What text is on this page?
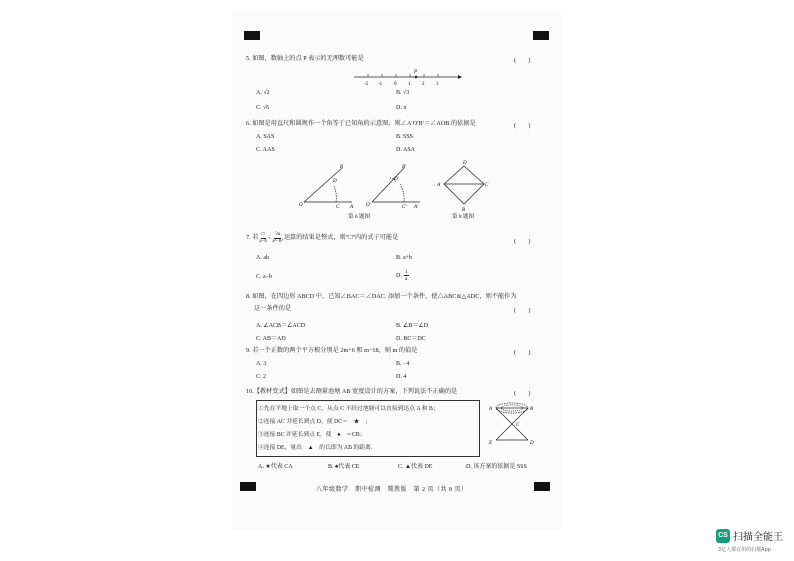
5. 如图，数轴上的点 P 表示的无理数可能是	(　　)
P
-2 -1 0 1 2 3
A. √2	B. √3
C. √6	D. π
6. 如图是用直尺和圆规作一个角等于已知角的示意图，则∠A′O′B′＝∠AOB 的依据是	(　　)
A. SAS	B. SSS
C. AAS	D. ASA
O	C A
B
D
O′	C′ A′
B′
D′
第 6 题图
A
D
C
B
第 8 题图
7. 若 □
$a-b \div \frac{3a}{\text{a²−b²}}$ 运算的结果是整式，则“□”内的式子可能是
(　　)
A. ab	B. a+b
C. a−b	D. $\frac{1}{a}$
8. 如图，在四边形 ABCD 中，已知∠BAC＝∠DAC. 添加一个条件，使△ABC≌△ADC，则不能作为
这一条件的是	(　　)
A. ∠ACB＝∠ACD	B. ∠B＝∠D
C. AB＝AD	D. BC＝DC
9. 若一个正数的两个平方根分别是 2m+6 和 m−18，则 m 的值是	(　　)
A. 3	B. −4
C. 2	D. 4
10.【教材变式】如图是去测量池塘 AB 宽度设计的方案，下列说法不正确的是	(　　)
①先在平地上取一个点 C，从点 C 不经过池塘可以直接到达点 A 和 B；
②连接 AC 并延长到点 D，使 DC＝　★　；
③连接 BC 并延长到点 E，使　♠　＝CB；
④连接 DE，量出　▲　的长即为 AB 的距离.
A	B
C
E	D
A. ★代表 CA	B. ♠代表 CE	C. ▲代表 DE	D. 该方案的依据是 SSS
八年级数学　期中检测　冀教版　第 2 页（共 8 页）
CS 扫描全能王
3亿人都在用的扫描App
